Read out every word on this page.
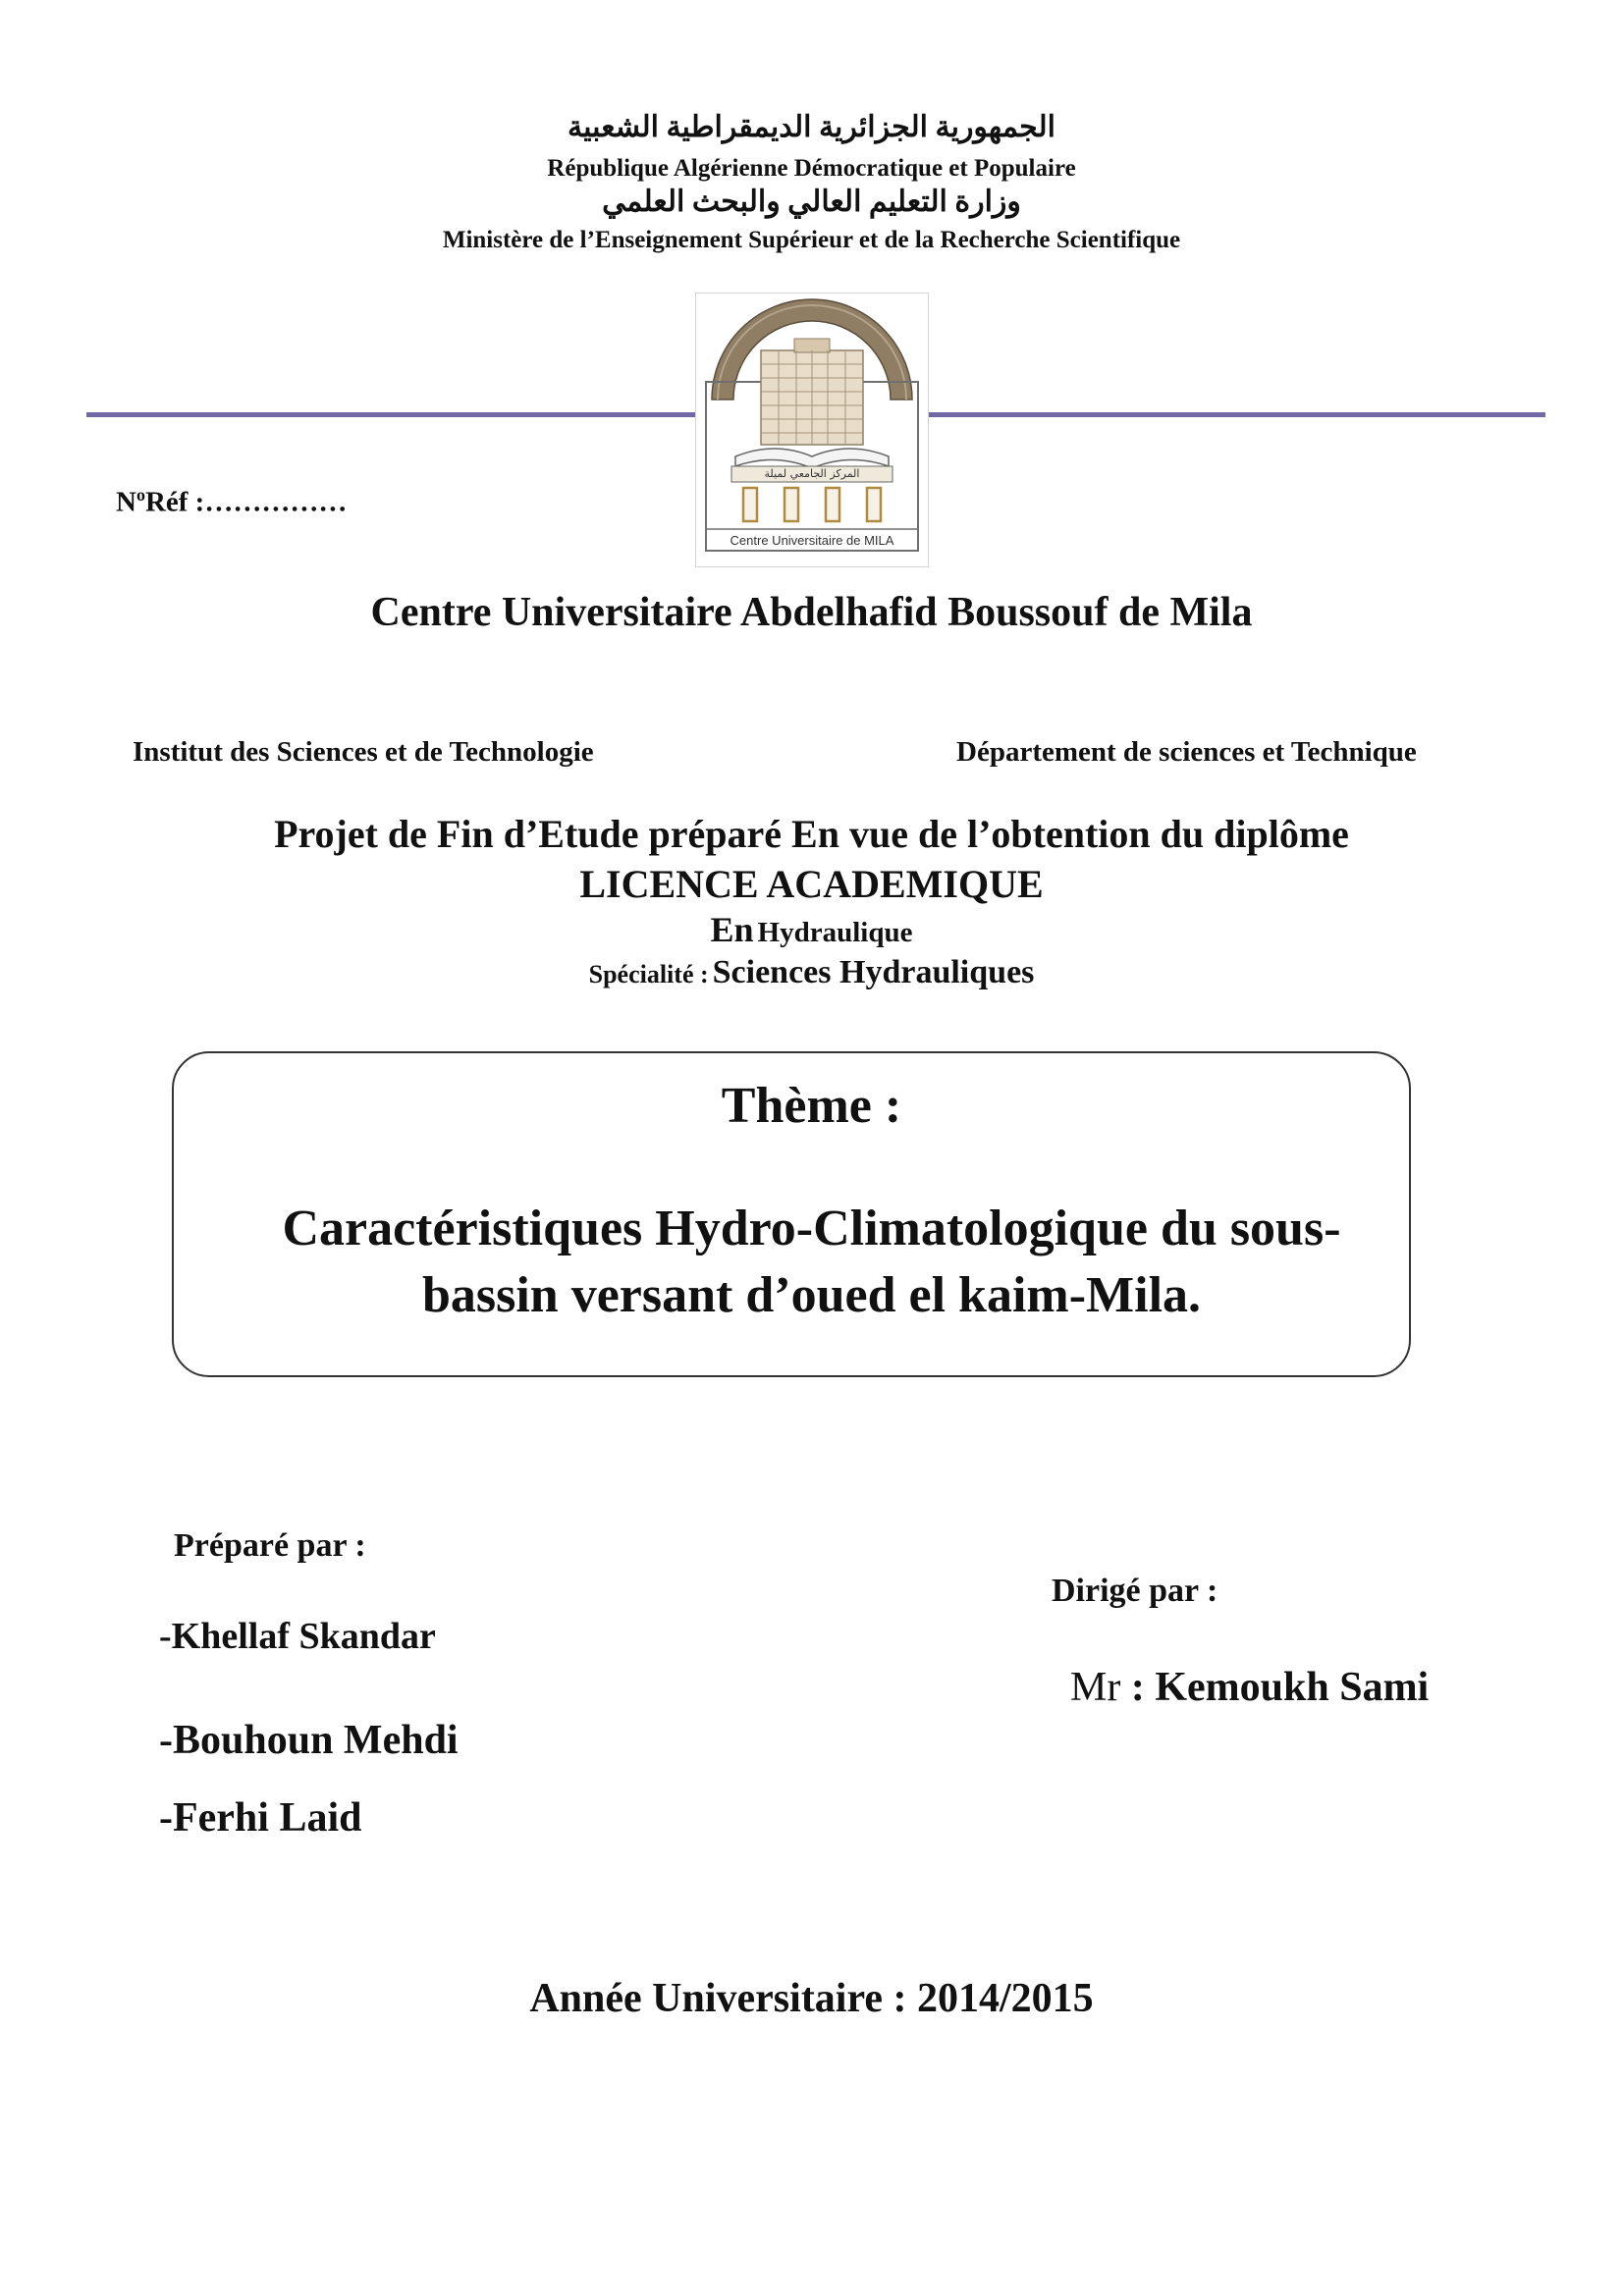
ﺍﻟﺠﻤﻬﻮﺭﻳﺔ ﺍﻟﺠﺰﺍﺋﺮﻳﺔ ﺍﻟﺪﻳﻤﻘﺮﺍﻃﻴﺔ ﺍﻟﺸﻌﺒﻴﺔ
République Algérienne Démocratique et Populaire
ﻭﺯﺍﺭﺓ ﺍﻟﺘﻌﻠﻴﻢ ﺍﻟﻌﺎﻟﻲ ﻭﺍﻟﺒﺤﺚ ﺍﻟﻌﻠﻤﻲ
Ministère de l’Enseignement Supérieur et de la Recherche Scientifique
ﺍﻟﻤﺮﻛﺰ ﺍﻟﺠﺎﻣﻌﻲ ﻟﻤﻴﻠﺔ
Centre Universitaire de MILA
$N^oRéf$ :……………
Centre Universitaire Abdelhafid Boussouf de Mila
Institut des Sciences et de Technologie	Département de sciences et Technique
Projet de Fin d’Etude préparé En vue de l’obtention du diplôme
LICENCE ACADEMIQUE
En Hydraulique
Spécialité : Sciences Hydrauliques
Thème :
Caractéristiques Hydro-Climatologique du sous-
bassin versant d’oued el kaim-Mila.
Préparé par :
-Khellaf Skandar
-Bouhoun Mehdi
-Ferhi Laid
Dirigé par :
Mr : Kemoukh Sami
Année Universitaire : 2014/2015
